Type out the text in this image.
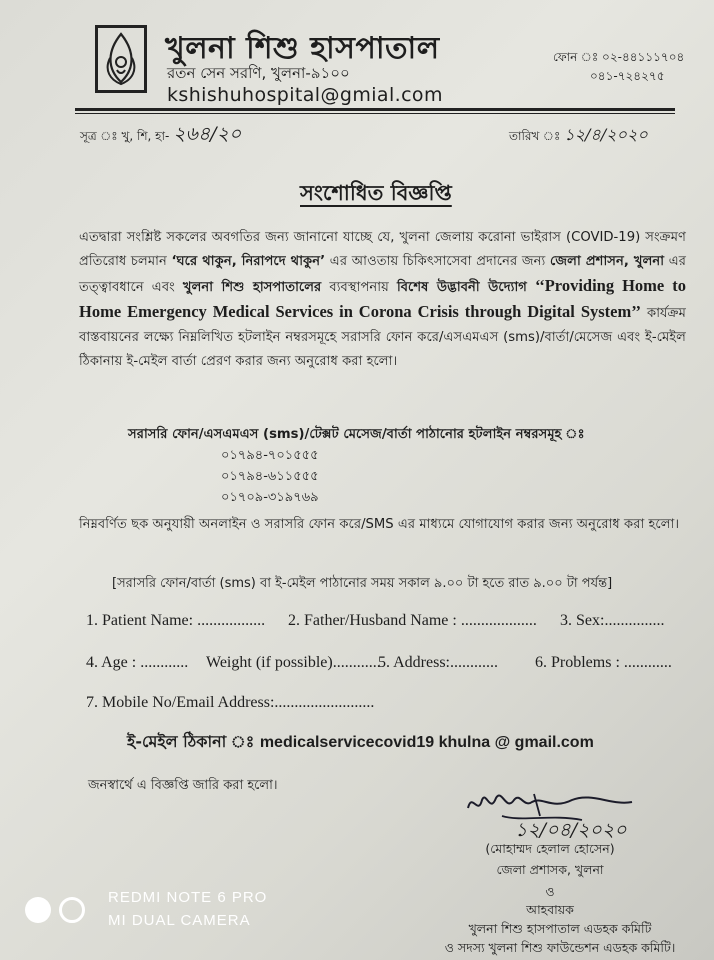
খুলনা শিশু হাসপাতাল
রতন সেন সরণি, খুলনা-৯১০০
kshishuhospital@gmial.com
ফোন ঃ ০২-৪৪১১১৭০৪
০৪১-৭২৪২৭৫
সূত্র ঃ খু, শি, হা- ২৬৪/২০	তারিখ ঃ ১২/৪/২০২০
সংশোধিত বিজ্ঞপ্তি
এতদ্বারা সংশ্লিষ্ট সকলের অবগতির জন্য জানানো যাচ্ছে যে, খুলনা জেলায় করোনা ভাইরাস (COVID-19) সংক্রমণ প্রতিরোধ চলমান ‘ঘরে থাকুন, নিরাপদে থাকুন’ এর আওতায় চিকিৎসাসেবা প্রদানের জন্য জেলা প্রশাসন, খুলনা এর তত্ত্বাবধানে এবং খুলনা শিশু হাসপাতালের ব্যবস্থাপনায় বিশেষ উদ্ভাবনী উদ্যোগ ‘‘Providing Home to Home Emergency Medical Services in Corona Crisis through Digital System’’ কার্যক্রম বাস্তবায়নের লক্ষ্যে নিম্নলিখিত হটলাইন নম্বরসমূহে সরাসরি ফোন করে/এসএমএস (sms)/বার্তা/মেসেজ এবং ই-মেইল ঠিকানায় ই-মেইল বার্তা প্রেরণ করার জন্য অনুরোধ করা হলো।
সরাসরি ফোন/এসএমএস (sms)/টেক্সট মেসেজ/বার্তা পাঠানোর হটলাইন নম্বরসমূহ ঃ
০১৭৯৪-৭০১৫৫৫
০১৭৯৪-৬১১৫৫৫
০১৭০৯-৩১৯৭৬৯
নিম্নবর্ণিত ছক অনুযায়ী অনলাইন ও সরাসরি ফোন করে/SMS এর মাধ্যমে যোগাযোগ করার জন্য অনুরোধ করা হলো।
[সরাসরি ফোন/বার্তা (sms) বা ই-মেইল পাঠানোর সময় সকাল ৯.০০ টা হতে রাত ৯.০০ টা পর্যন্ত]
1. Patient Name: ................. 2. Father/Husband Name : ................... 3. Sex:...............
4. Age : ............ Weight (if possible)............
5. Address:............ 6. Problems : ............
7. Mobile No/Email Address:.........................
ই-মেইল ঠিকানা ঃ medicalservicecovid19 khulna @ gmail.com
জনস্বার্থে এ বিজ্ঞপ্তি জারি করা হলো।
১২/০৪/২০২০
(মোহাম্মদ হেলাল হোসেন)
জেলা প্রশাসক, খুলনা
ও
আহবায়ক
খুলনা শিশু হাসপাতাল এডহক কমিটি
ও সদস্য খুলনা শিশু ফাউন্ডেশন এডহক কমিটি।
REDMI NOTE 6 PRO
MI DUAL CAMERA
